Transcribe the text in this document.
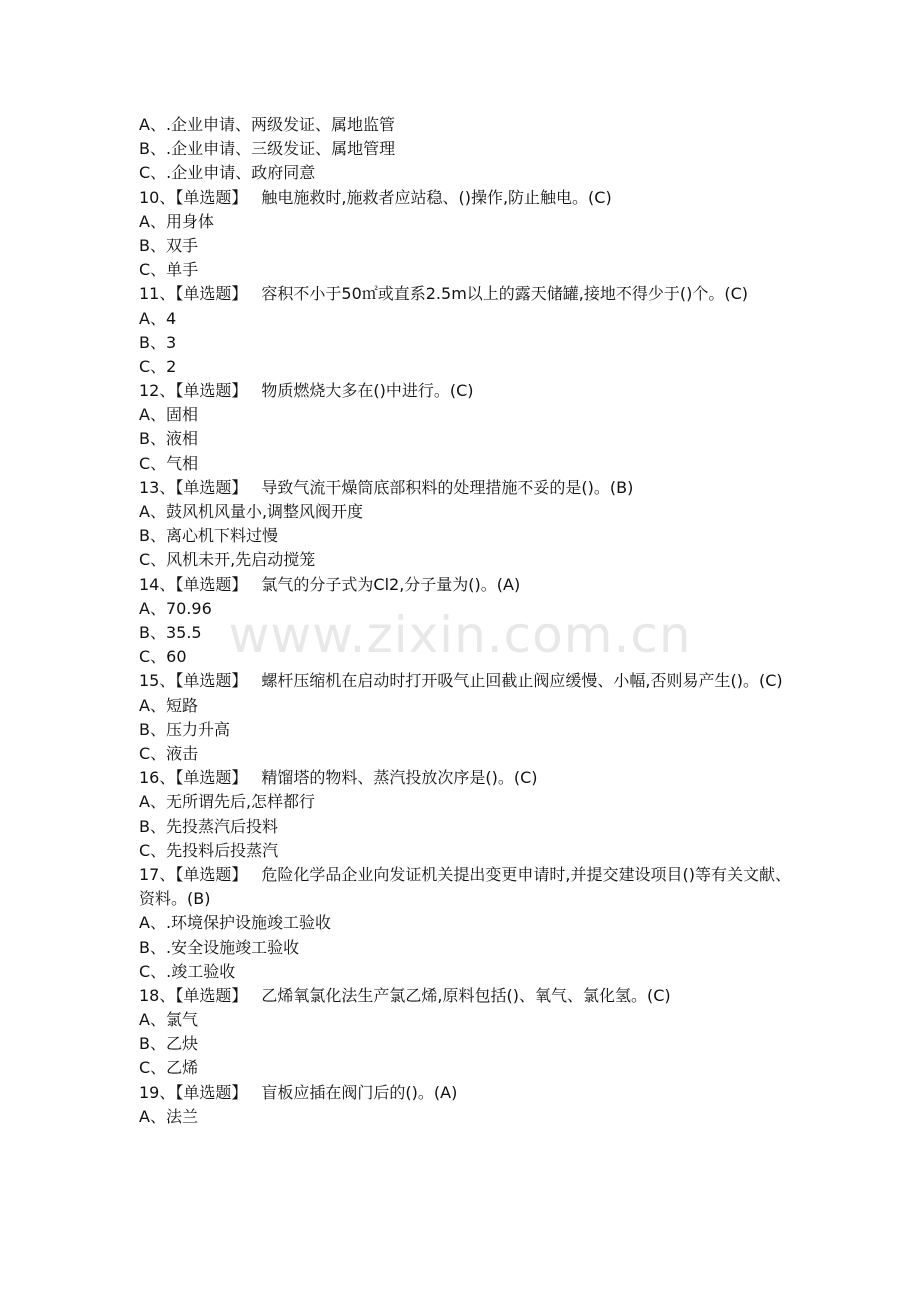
A、.企业申请、两级发证、属地监管
B、.企业申请、三级发证、属地管理
C、.企业申请、政府同意
10、【单选题】 触电施救时,施救者应站稳、()操作,防止触电。(C)
A、用身体
B、双手
C、单手
11、【单选题】 容积不小于50㎡或直系2.5m以上的露天储罐,接地不得少于()个。(C)
A、4
B、3
C、2
12、【单选题】 物质燃烧大多在()中进行。(C)
A、固相
B、液相
C、气相
13、【单选题】 导致气流干燥筒底部积料的处理措施不妥的是()。(B)
A、鼓风机风量小,调整风阀开度
B、离心机下料过慢
C、风机未开,先启动搅笼
14、【单选题】 氯气的分子式为Cl2,分子量为()。(A)
A、70.96
B、35.5
C、60
15、【单选题】 螺杆压缩机在启动时打开吸气止回截止阀应缓慢、小幅,否则易产生()。(C)
A、短路
B、压力升高
C、液击
16、【单选题】 精馏塔的物料、蒸汽投放次序是()。(C)
A、无所谓先后,怎样都行
B、先投蒸汽后投料
C、先投料后投蒸汽
17、【单选题】 危险化学品企业向发证机关提出变更申请时,并提交建设项目()等有关文献、资料。(B)
A、.环境保护设施竣工验收
B、.安全设施竣工验收
C、.竣工验收
18、【单选题】 乙烯氧氯化法生产氯乙烯,原料包括()、氧气、氯化氢。(C)
A、氯气
B、乙炔
C、乙烯
19、【单选题】 盲板应插在阀门后的()。(A)
A、法兰
www.zixin.com.cn
